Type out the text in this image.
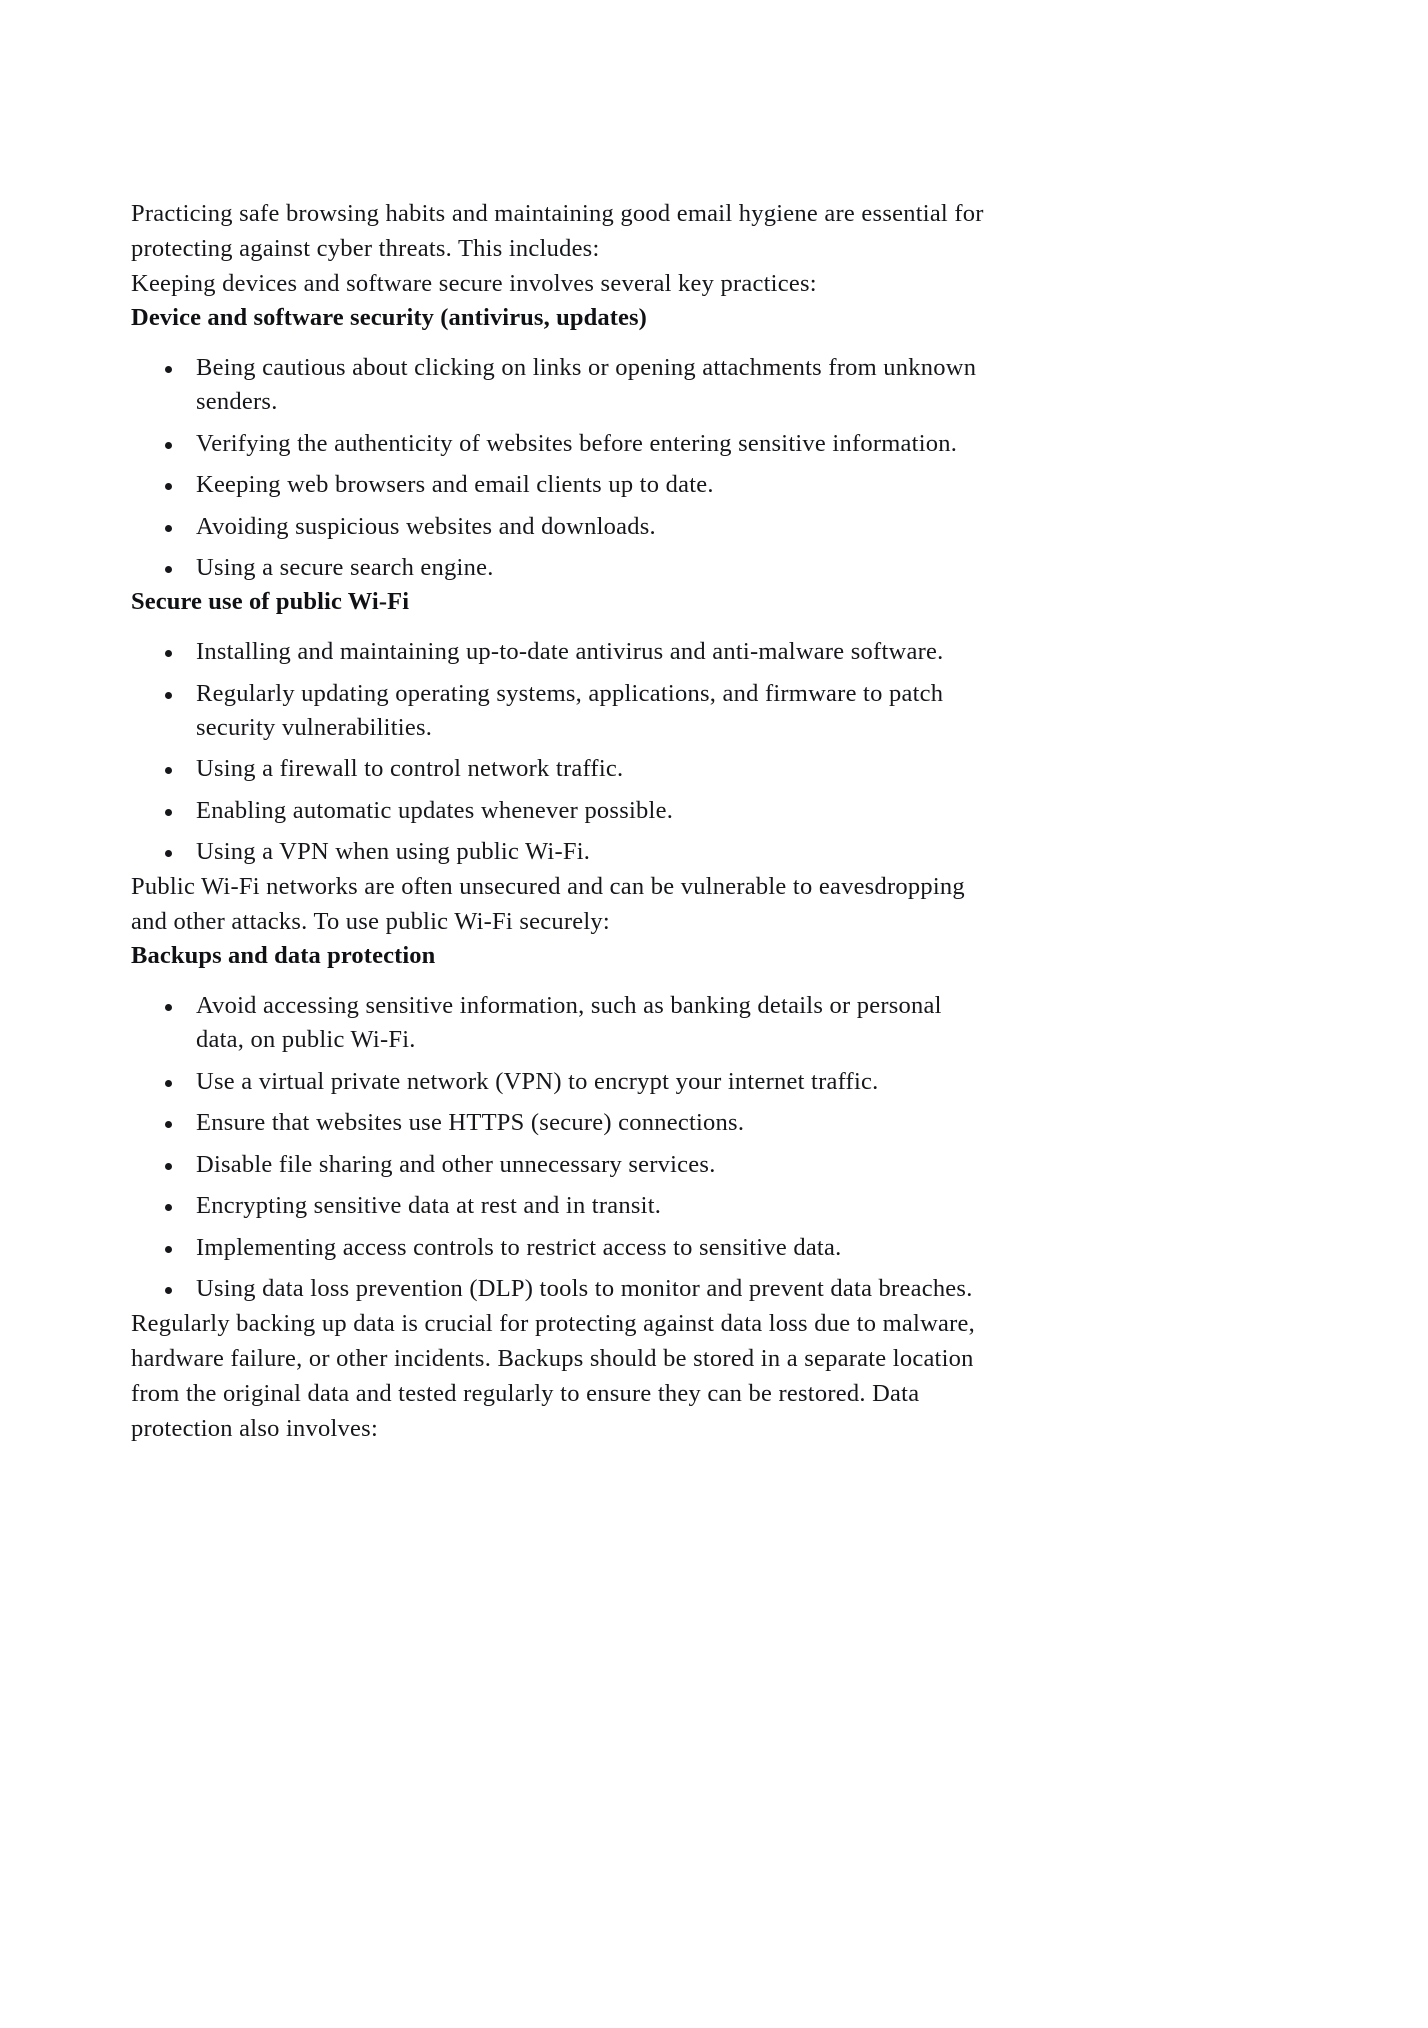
Practicing safe browsing habits and maintaining good email hygiene are essential for protecting against cyber threats. This includes:

Keeping devices and software secure involves several key practices:

Device and software security (antivirus, updates)
Being cautious about clicking on links or opening attachments from unknown senders.
Verifying the authenticity of websites before entering sensitive information.
Keeping web browsers and email clients up to date.
Avoiding suspicious websites and downloads.
Using a secure search engine.
Secure use of public Wi-Fi
Installing and maintaining up-to-date antivirus and anti-malware software.
Regularly updating operating systems, applications, and firmware to patch security vulnerabilities.
Using a firewall to control network traffic.
Enabling automatic updates whenever possible.
Using a VPN when using public Wi-Fi.

Public Wi-Fi networks are often unsecured and can be vulnerable to eavesdropping and other attacks. To use public Wi-Fi securely:

Backups and data protection
Avoid accessing sensitive information, such as banking details or personal data, on public Wi-Fi.
Use a virtual private network (VPN) to encrypt your internet traffic.
Ensure that websites use HTTPS (secure) connections.
Disable file sharing and other unnecessary services.
Encrypting sensitive data at rest and in transit.
Implementing access controls to restrict access to sensitive data.
Using data loss prevention (DLP) tools to monitor and prevent data breaches.

Regularly backing up data is crucial for protecting against data loss due to malware, hardware failure, or other incidents. Backups should be stored in a separate location from the original data and tested regularly to ensure they can be restored. Data protection also involves:
